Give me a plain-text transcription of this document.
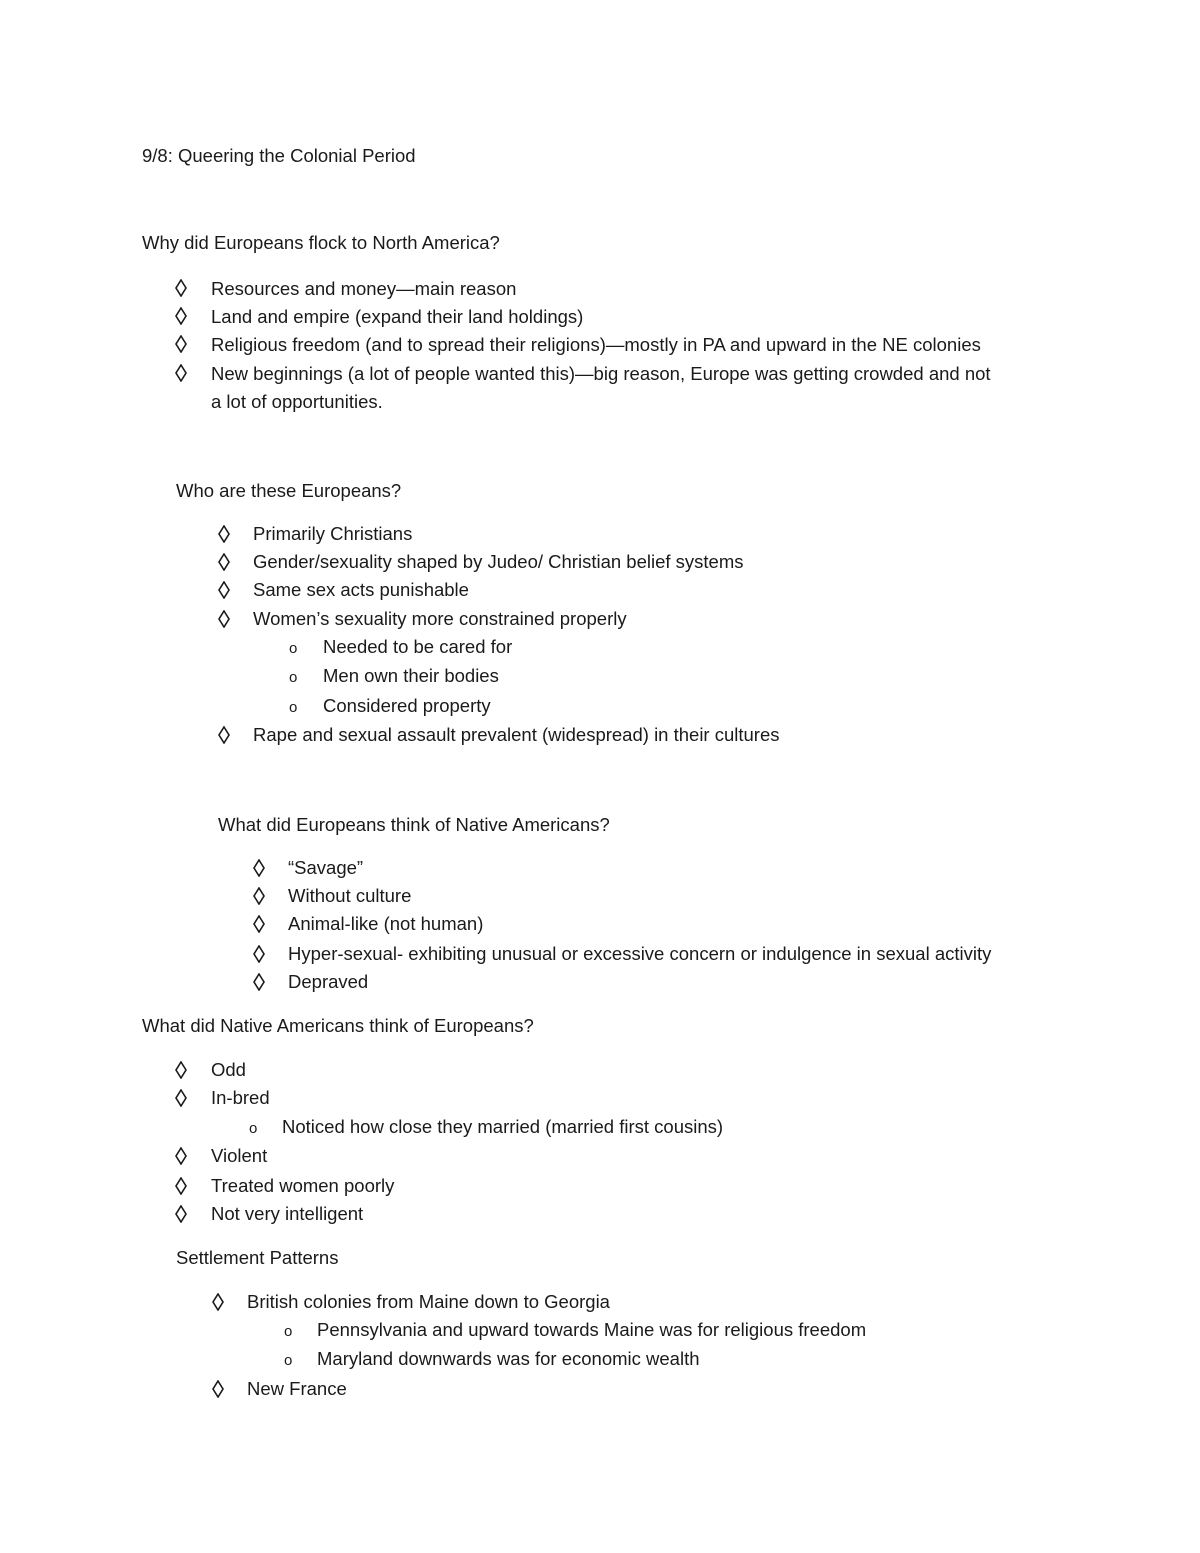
9/8: Queering the Colonial Period
Why did Europeans flock to North America?
Resources and money—main reason
Land and empire (expand their land holdings)
Religious freedom (and to spread their religions)—mostly in PA and upward in the NE colonies
New beginnings (a lot of people wanted this)—big reason, Europe was getting crowded and not
a lot of opportunities.
Who are these Europeans?
Primarily Christians
Gender/sexuality shaped by Judeo/ Christian belief systems
Same sex acts punishable
Women’s sexuality more constrained properly
o Needed to be cared for
o Men own their bodies
o Considered property
Rape and sexual assault prevalent (widespread) in their cultures
What did Europeans think of Native Americans?
“Savage”
Without culture
Animal-like (not human)
Hyper-sexual- exhibiting unusual or excessive concern or indulgence in sexual activity
Depraved
What did Native Americans think of Europeans?
Odd
In-bred
o Noticed how close they married (married first cousins)
Violent
Treated women poorly
Not very intelligent
Settlement Patterns
British colonies from Maine down to Georgia
o Pennsylvania and upward towards Maine was for religious freedom
o Maryland downwards was for economic wealth
New France
